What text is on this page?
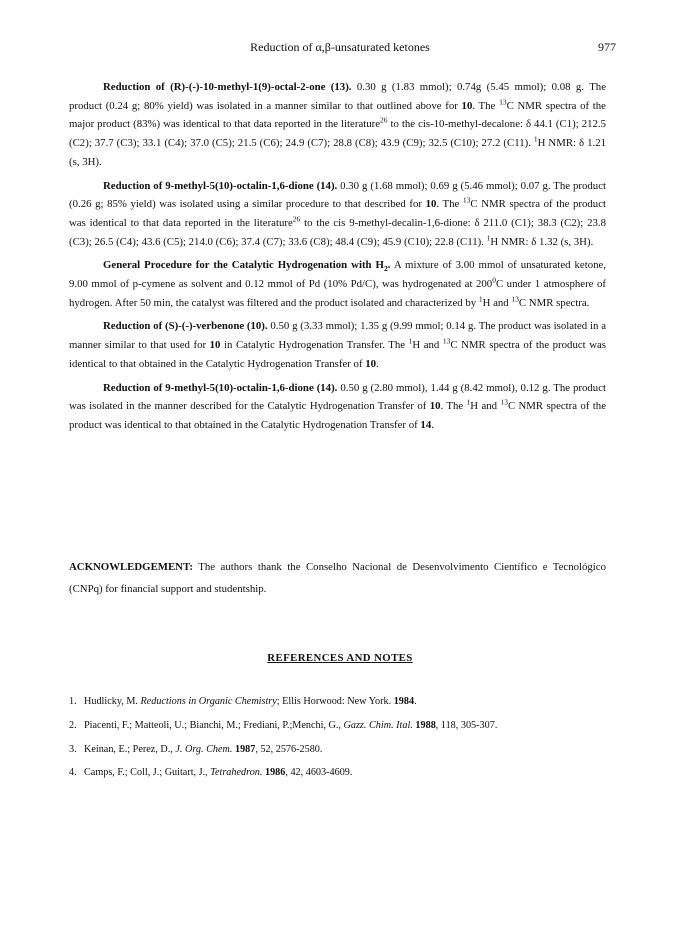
Reduction of α,β-unsaturated ketones	977

Reduction of (R)-(-)-10-methyl-1(9)-octal-2-one (13). 0.30 g (1.83 mmol); 0.74g (5.45 mmol); 0.08 g. The product (0.24 g; 80% yield) was isolated in a manner similar to that outlined above for 10. The $^{13}$C NMR spectra of the major product (83%) was identical to that data reported in the literature$^{26}$ to the cis-10-methyl-decalone: δ 44.1 (C1); 212.5 (C2); 37.7 (C3); 33.1 (C4); 37.0 (C5); 21.5 (C6); 24.9 (C7); 28.8 (C8); 43.9 (C9); 32.5 (C10); 27.2 (C11). $^1$H NMR: δ 1.21 (s, 3H).

Reduction of 9-methyl-5(10)-octalin-1,6-dione (14). 0.30 g (1.68 mmol); 0.69 g (5.46 mmol); 0.07 g. The product (0.26 g; 85% yield) was isolated using a similar procedure to that described for 10. The $^{13}$C NMR spectra of the product was identical to that data reported in the literature$^{26}$ to the cis 9-methyl-decalin-1,6-dione: δ 211.0 (C1); 38.3 (C2); 23.8 (C3); 26.5 (C4); 43.6 (C5); 214.0 (C6); 37.4 (C7); 33.6 (C8); 48.4 (C9); 45.9 (C10); 22.8 (C11). $^1$H NMR: δ 1.32 (s, 3H).

General Procedure for the Catalytic Hydrogenation with $H_2$. A mixture of 3.00 mmol of unsaturated ketone, 9.00 mmol of p-cymene as solvent and 0.12 mmol of Pd (10% Pd/C), was hydrogenated at $200^0C$ under 1 atmosphere of hydrogen. After 50 min, the catalyst was filtered and the product isolated and characterized by $^1$H and $^{13}$C NMR spectra.

Reduction of (S)-(-)-verbenone (10). 0.50 g (3.33 mmol); 1.35 g (9.99 mmol; 0.14 g. The product was isolated in a manner similar to that used for 10 in Catalytic Hydrogenation Transfer. The $^1$H and $^{13}$C NMR spectra of the product was identical to that obtained in the Catalytic Hydrogenation Transfer of 10.

Reduction of 9-methyl-5(10)-octalin-1,6-dione (14). 0.50 g (2.80 mmol), 1.44 g (8.42 mmol), 0.12 g. The product was isolated in the manner described for the Catalytic Hydrogenation Transfer of 10. The $^1$H and $^{13}$C NMR spectra of the product was identical to that obtained in the Catalytic Hydrogenation Transfer of 14.

ACKNOWLEDGEMENT: The authors thank the Conselho Nacional de Desenvolvimento Científico e Tecnológico (CNPq) for financial support and studentship.

REFERENCES AND NOTES
1. Hudlicky, M. Reductions in Organic Chemistry; Ellis Horwood: New York. 1984.
2. Piacenti, F.; Matteoli, U.; Bianchi, M.; Frediani, P.;Menchi, G., Gazz. Chim. Ital. 1988, 118, 305-307.
3. Keinan, E.; Perez, D., J. Org. Chem. 1987, 52, 2576-2580.
4. Camps, F.; Coll, J.; Guitart, J., Tetrahedron. 1986, 42, 4603-4609.
